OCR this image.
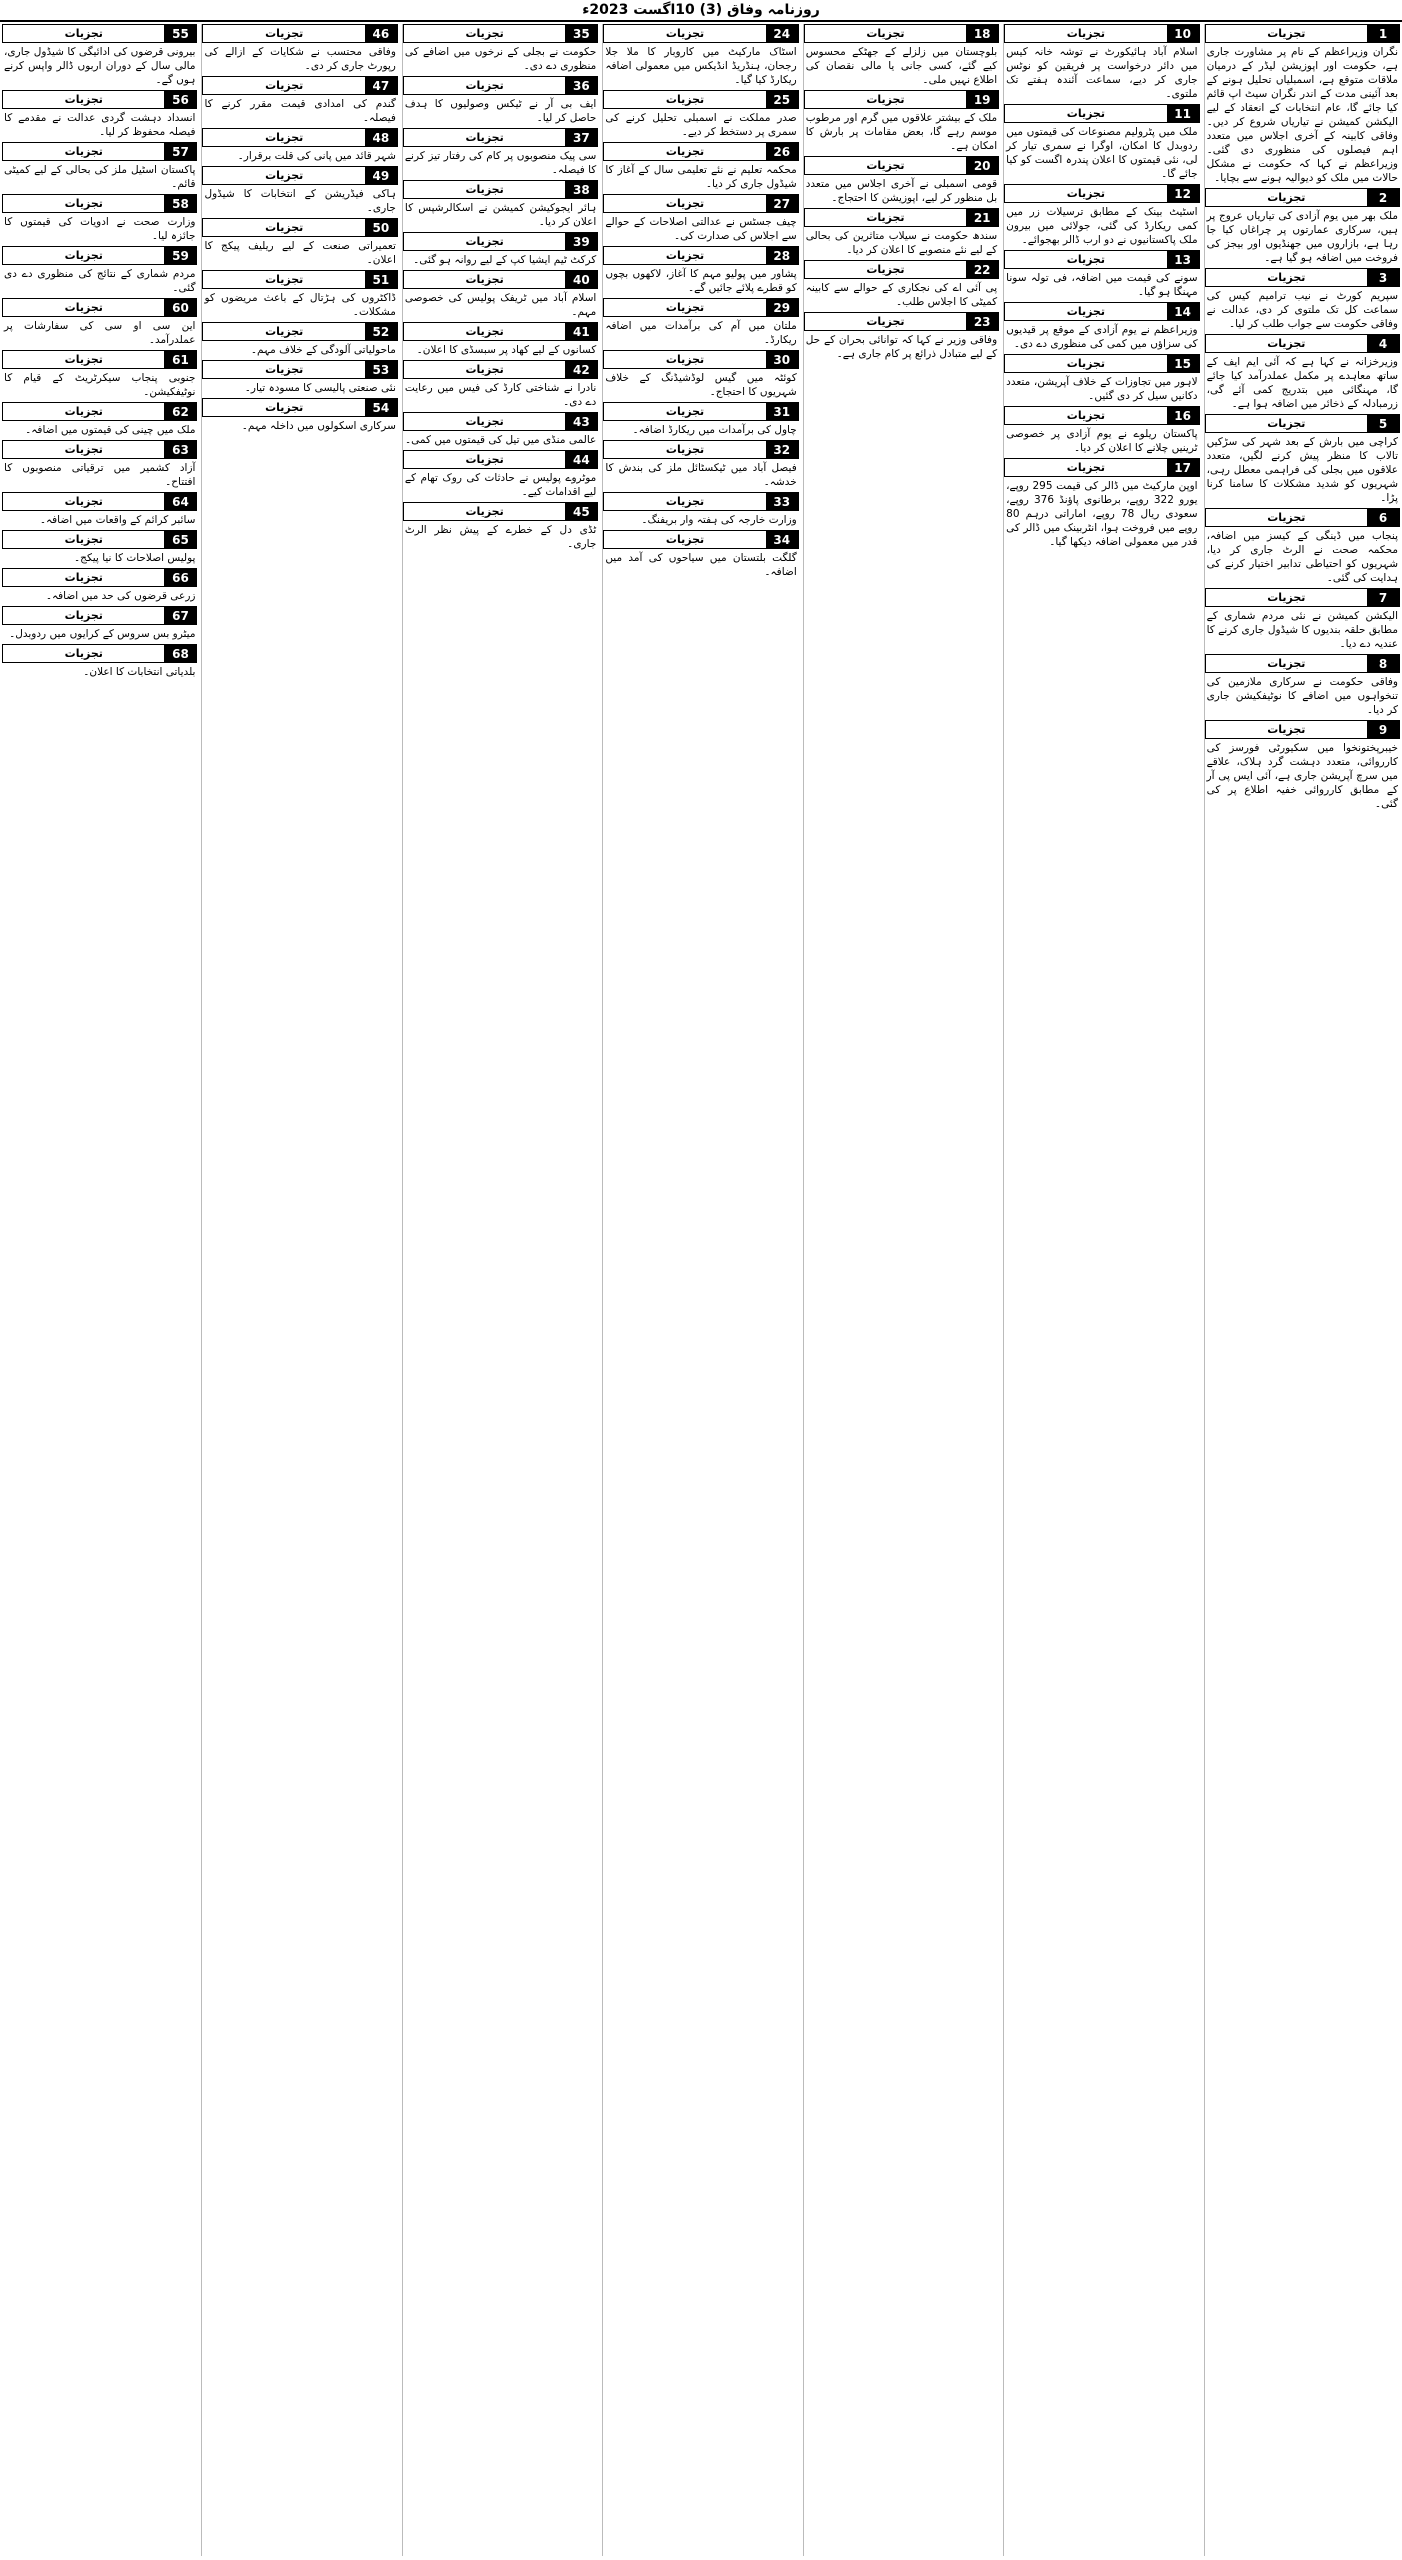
روزنامہ وفاق (3) 10اگست 2023ء
1
تجزیات

نگران وزیراعظم کے نام پر مشاورت جاری ہے، حکومت اور اپوزیشن لیڈر کے درمیان ملاقات متوقع ہے، اسمبلیاں تحلیل ہونے کے بعد آئینی مدت کے اندر نگران سیٹ اپ قائم کیا جائے گا، عام انتخابات کے انعقاد کے لیے الیکشن کمیشن نے تیاریاں شروع کر دیں۔ وفاقی کابینہ کے آخری اجلاس میں متعدد اہم فیصلوں کی منظوری دی گئی۔ وزیراعظم نے کہا کہ حکومت نے مشکل حالات میں ملک کو دیوالیہ ہونے سے بچایا۔

2
تجزیات

ملک بھر میں یوم آزادی کی تیاریاں عروج پر ہیں، سرکاری عمارتوں پر چراغاں کیا جا رہا ہے، بازاروں میں جھنڈیوں اور بیجز کی فروخت میں اضافہ ہو گیا ہے۔

3
تجزیات

سپریم کورٹ نے نیب ترامیم کیس کی سماعت کل تک ملتوی کر دی، عدالت نے وفاقی حکومت سے جواب طلب کر لیا۔

4
تجزیات

وزیرخزانہ نے کہا ہے کہ آئی ایم ایف کے ساتھ معاہدے پر مکمل عملدرآمد کیا جائے گا، مہنگائی میں بتدریج کمی آئے گی، زرمبادلہ کے ذخائر میں اضافہ ہوا ہے۔

5
تجزیات

کراچی میں بارش کے بعد شہر کی سڑکیں تالاب کا منظر پیش کرنے لگیں، متعدد علاقوں میں بجلی کی فراہمی معطل رہی، شہریوں کو شدید مشکلات کا سامنا کرنا پڑا۔

6
تجزیات

پنجاب میں ڈینگی کے کیسز میں اضافہ، محکمہ صحت نے الرٹ جاری کر دیا، شہریوں کو احتیاطی تدابیر اختیار کرنے کی ہدایت کی گئی۔

7
تجزیات

الیکشن کمیشن نے نئی مردم شماری کے مطابق حلقہ بندیوں کا شیڈول جاری کرنے کا عندیہ دے دیا۔

8
تجزیات

وفاقی حکومت نے سرکاری ملازمین کی تنخواہوں میں اضافے کا نوٹیفکیشن جاری کر دیا۔

9
تجزیات

خیبرپختونخوا میں سکیورٹی فورسز کی کارروائی، متعدد دہشت گرد ہلاک، علاقے میں سرچ آپریشن جاری ہے، آئی ایس پی آر کے مطابق کارروائی خفیہ اطلاع پر کی گئی۔

10
تجزیات

اسلام آباد ہائیکورٹ نے توشہ خانہ کیس میں دائر درخواست پر فریقین کو نوٹس جاری کر دیے، سماعت آئندہ ہفتے تک ملتوی۔

11
تجزیات

ملک میں پٹرولیم مصنوعات کی قیمتوں میں ردوبدل کا امکان، اوگرا نے سمری تیار کر لی، نئی قیمتوں کا اعلان پندرہ اگست کو کیا جائے گا۔

12
تجزیات

اسٹیٹ بینک کے مطابق ترسیلات زر میں کمی ریکارڈ کی گئی، جولائی میں بیرون ملک پاکستانیوں نے دو ارب ڈالر بھجوائے۔

13
تجزیات

سونے کی قیمت میں اضافہ، فی تولہ سونا مہنگا ہو گیا۔

14
تجزیات

وزیراعظم نے یوم آزادی کے موقع پر قیدیوں کی سزاؤں میں کمی کی منظوری دے دی۔

15
تجزیات

لاہور میں تجاوزات کے خلاف آپریشن، متعدد دکانیں سیل کر دی گئیں۔

16
تجزیات

پاکستان ریلوے نے یوم آزادی پر خصوصی ٹرینیں چلانے کا اعلان کر دیا۔

17
تجزیات

اوپن مارکیٹ میں ڈالر کی قیمت 295 روپے، یورو 322 روپے، برطانوی پاؤنڈ 376 روپے، سعودی ریال 78 روپے، اماراتی درہم 80 روپے میں فروخت ہوا، انٹربینک میں ڈالر کی قدر میں معمولی اضافہ دیکھا گیا۔

18
تجزیات

بلوچستان میں زلزلے کے جھٹکے محسوس کیے گئے، کسی جانی یا مالی نقصان کی اطلاع نہیں ملی۔

19
تجزیات

ملک کے بیشتر علاقوں میں گرم اور مرطوب موسم رہے گا، بعض مقامات پر بارش کا امکان ہے۔

20
تجزیات

قومی اسمبلی نے آخری اجلاس میں متعدد بل منظور کر لیے، اپوزیشن کا احتجاج۔

21
تجزیات

سندھ حکومت نے سیلاب متاثرین کی بحالی کے لیے نئے منصوبے کا اعلان کر دیا۔

22
تجزیات

پی آئی اے کی نجکاری کے حوالے سے کابینہ کمیٹی کا اجلاس طلب۔

23
تجزیات

وفاقی وزیر نے کہا کہ توانائی بحران کے حل کے لیے متبادل ذرائع پر کام جاری ہے۔

24
تجزیات

اسٹاک مارکیٹ میں کاروبار کا ملا جلا رجحان، ہنڈریڈ انڈیکس میں معمولی اضافہ ریکارڈ کیا گیا۔

25
تجزیات

صدر مملکت نے اسمبلی تحلیل کرنے کی سمری پر دستخط کر دیے۔

26
تجزیات

محکمہ تعلیم نے نئے تعلیمی سال کے آغاز کا شیڈول جاری کر دیا۔

27
تجزیات

چیف جسٹس نے عدالتی اصلاحات کے حوالے سے اجلاس کی صدارت کی۔

28
تجزیات

پشاور میں پولیو مہم کا آغاز، لاکھوں بچوں کو قطرے پلائے جائیں گے۔

29
تجزیات

ملتان میں آم کی برآمدات میں اضافہ ریکارڈ۔

30
تجزیات

کوئٹہ میں گیس لوڈشیڈنگ کے خلاف شہریوں کا احتجاج۔

31
تجزیات

چاول کی برآمدات میں ریکارڈ اضافہ۔

32
تجزیات

فیصل آباد میں ٹیکسٹائل ملز کی بندش کا خدشہ۔

33
تجزیات

وزارت خارجہ کی ہفتہ وار بریفنگ۔

34
تجزیات

گلگت بلتستان میں سیاحوں کی آمد میں اضافہ۔

35
تجزیات

حکومت نے بجلی کے نرخوں میں اضافے کی منظوری دے دی۔

36
تجزیات

ایف بی آر نے ٹیکس وصولیوں کا ہدف حاصل کر لیا۔

37
تجزیات

سی پیک منصوبوں پر کام کی رفتار تیز کرنے کا فیصلہ۔

38
تجزیات

ہائر ایجوکیشن کمیشن نے اسکالرشپس کا اعلان کر دیا۔

39
تجزیات

کرکٹ ٹیم ایشیا کپ کے لیے روانہ ہو گئی۔

40
تجزیات

اسلام آباد میں ٹریفک پولیس کی خصوصی مہم۔

41
تجزیات

کسانوں کے لیے کھاد پر سبسڈی کا اعلان۔

42
تجزیات

نادرا نے شناختی کارڈ کی فیس میں رعایت دے دی۔

43
تجزیات

عالمی منڈی میں تیل کی قیمتوں میں کمی۔

44
تجزیات

موٹروے پولیس نے حادثات کی روک تھام کے لیے اقدامات کیے۔

45
تجزیات

ٹڈی دل کے خطرے کے پیش نظر الرٹ جاری۔

46
تجزیات

وفاقی محتسب نے شکایات کے ازالے کی رپورٹ جاری کر دی۔

47
تجزیات

گندم کی امدادی قیمت مقرر کرنے کا فیصلہ۔

48
تجزیات

شہر قائد میں پانی کی قلت برقرار۔

49
تجزیات

ہاکی فیڈریشن کے انتخابات کا شیڈول جاری۔

50
تجزیات

تعمیراتی صنعت کے لیے ریلیف پیکج کا اعلان۔

51
تجزیات

ڈاکٹروں کی ہڑتال کے باعث مریضوں کو مشکلات۔

52
تجزیات

ماحولیاتی آلودگی کے خلاف مہم۔

53
تجزیات

نئی صنعتی پالیسی کا مسودہ تیار۔

54
تجزیات

سرکاری اسکولوں میں داخلہ مہم۔

55
تجزیات

بیرونی قرضوں کی ادائیگی کا شیڈول جاری، مالی سال کے دوران اربوں ڈالر واپس کرنے ہوں گے۔

56
تجزیات

انسداد دہشت گردی عدالت نے مقدمے کا فیصلہ محفوظ کر لیا۔

57
تجزیات

پاکستان اسٹیل ملز کی بحالی کے لیے کمیٹی قائم۔

58
تجزیات

وزارت صحت نے ادویات کی قیمتوں کا جائزہ لیا۔

59
تجزیات

مردم شماری کے نتائج کی منظوری دے دی گئی۔

60
تجزیات

این سی او سی کی سفارشات پر عملدرآمد۔

61
تجزیات

جنوبی پنجاب سیکرٹریٹ کے قیام کا نوٹیفکیشن۔

62
تجزیات

ملک میں چینی کی قیمتوں میں اضافہ۔

63
تجزیات

آزاد کشمیر میں ترقیاتی منصوبوں کا افتتاح۔

64
تجزیات

سائبر کرائم کے واقعات میں اضافہ۔

65
تجزیات

پولیس اصلاحات کا نیا پیکج۔

66
تجزیات

زرعی قرضوں کی حد میں اضافہ۔

67
تجزیات

میٹرو بس سروس کے کرایوں میں ردوبدل۔

68
تجزیات

بلدیاتی انتخابات کا اعلان۔
